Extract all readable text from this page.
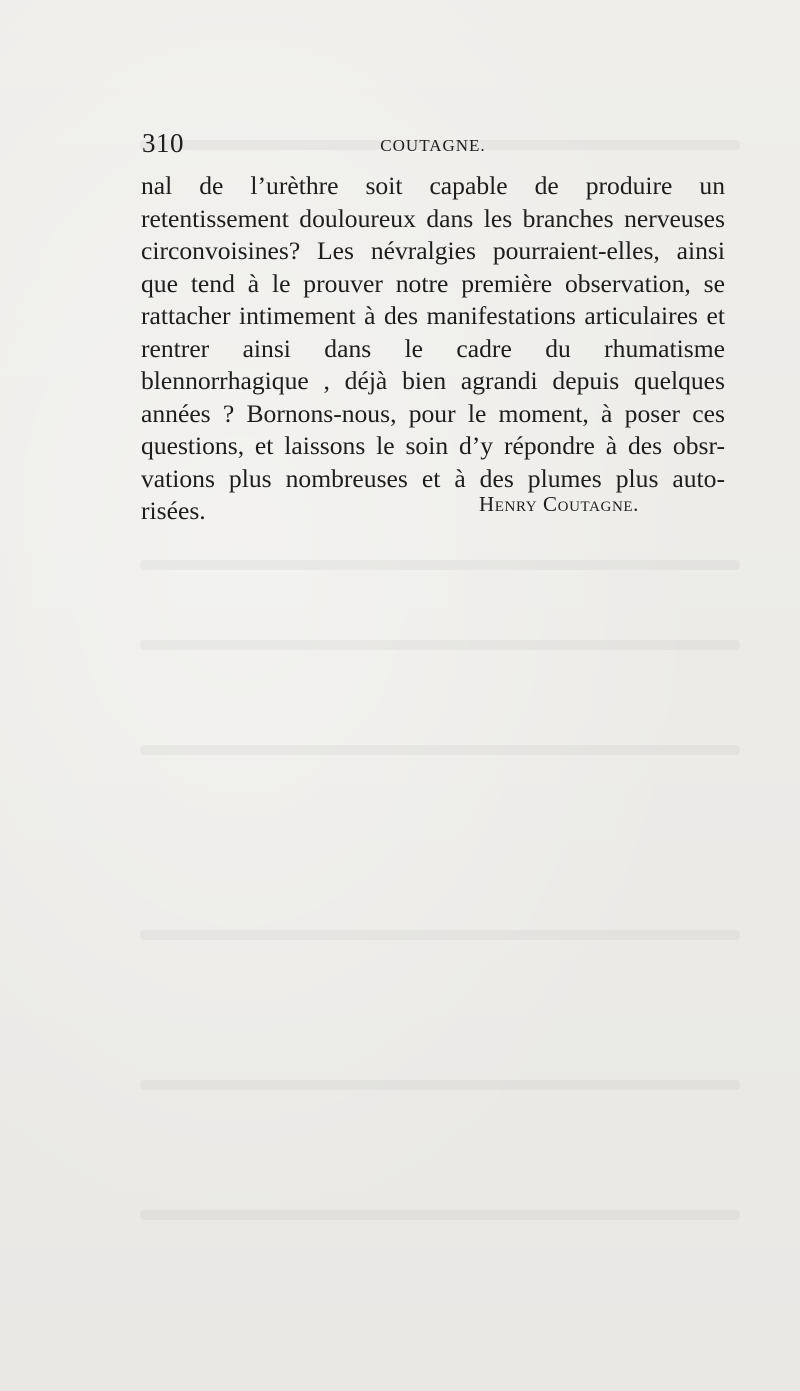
310	COUTAGNE.

nal de l’urèthre soit capable de produire un retentissement douloureux dans les branches nerveuses circonvoisines? Les névralgies pourraient-elles, ainsi que tend à le prouver notre première observation, se rattacher intimement à des manifestations articulaires et rentrer ainsi dans le cadre du rhumatisme blennorrhagique , déjà bien agrandi depuis quelques années ? Bornons-nous, pour le moment, à poser ces questions, et laissons le soin d’y répondre à des obsr- vations plus nombreuses et à des plumes plus auto- risées.	Henry Coutagne.
